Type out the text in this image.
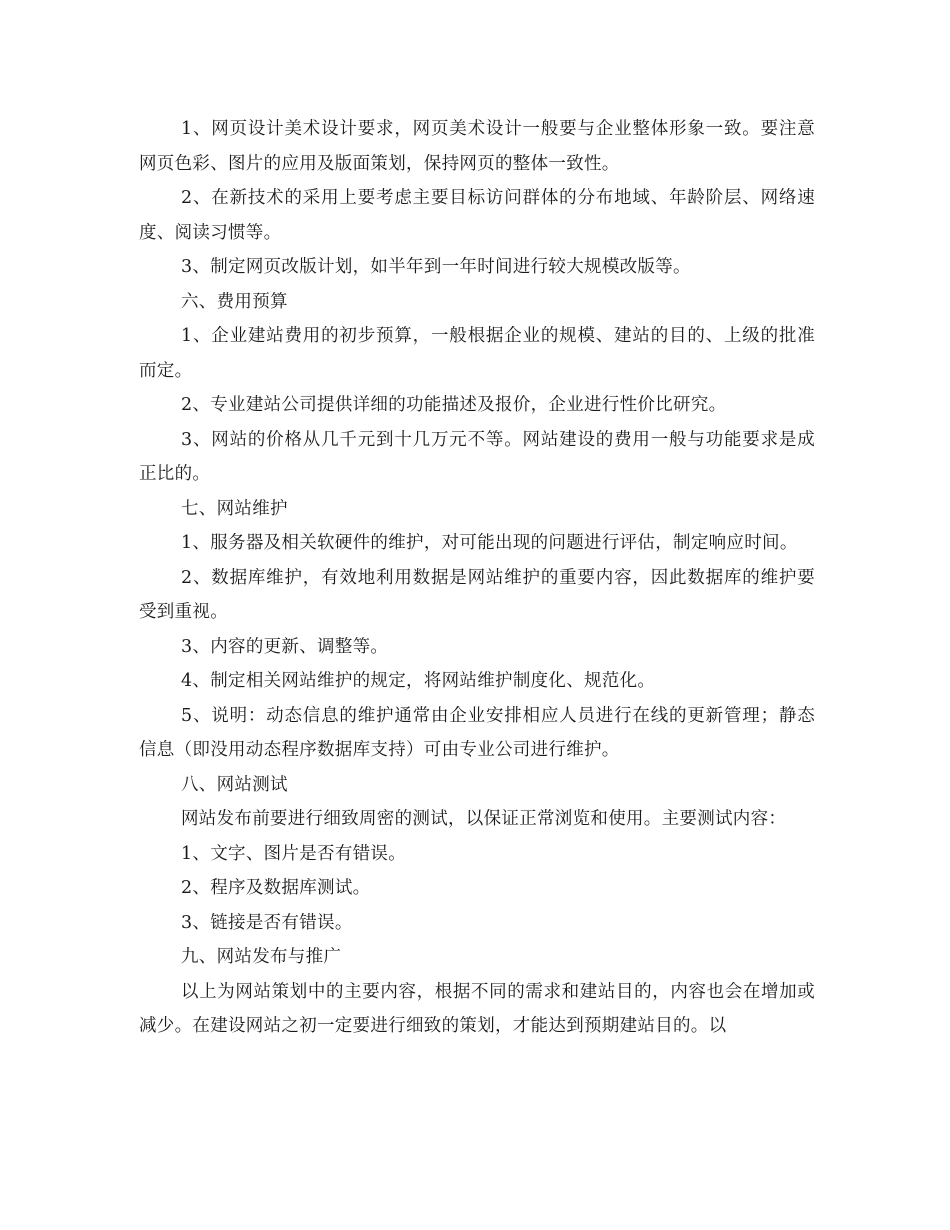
1、网页设计美术设计要求，网页美术设计一般要与企业整体形象一致。要注意网页色彩、图片的应用及版面策划，保持网页的整体一致性。

2、在新技术的采用上要考虑主要目标访问群体的分布地域、年龄阶层、网络速度、阅读习惯等。

3、制定网页改版计划，如半年到一年时间进行较大规模改版等。

六、费用预算

1、企业建站费用的初步预算，一般根据企业的规模、建站的目的、上级的批准而定。

2、专业建站公司提供详细的功能描述及报价，企业进行性价比研究。

3、网站的价格从几千元到十几万元不等。网站建设的费用一般与功能要求是成正比的。

七、网站维护

1、服务器及相关软硬件的维护，对可能出现的问题进行评估，制定响应时间。

2、数据库维护，有效地利用数据是网站维护的重要内容，因此数据库的维护要受到重视。

3、内容的更新、调整等。

4、制定相关网站维护的规定，将网站维护制度化、规范化。

5、说明：动态信息的维护通常由企业安排相应人员进行在线的更新管理；静态信息（即没用动态程序数据库支持）可由专业公司进行维护。

八、网站测试

网站发布前要进行细致周密的测试，以保证正常浏览和使用。主要测试内容：

1、文字、图片是否有错误。

2、程序及数据库测试。

3、链接是否有错误。

九、网站发布与推广

以上为网站策划中的主要内容，根据不同的需求和建站目的，内容也会在增加或减少。在建设网站之初一定要进行细致的策划，才能达到预期建站目的。以
